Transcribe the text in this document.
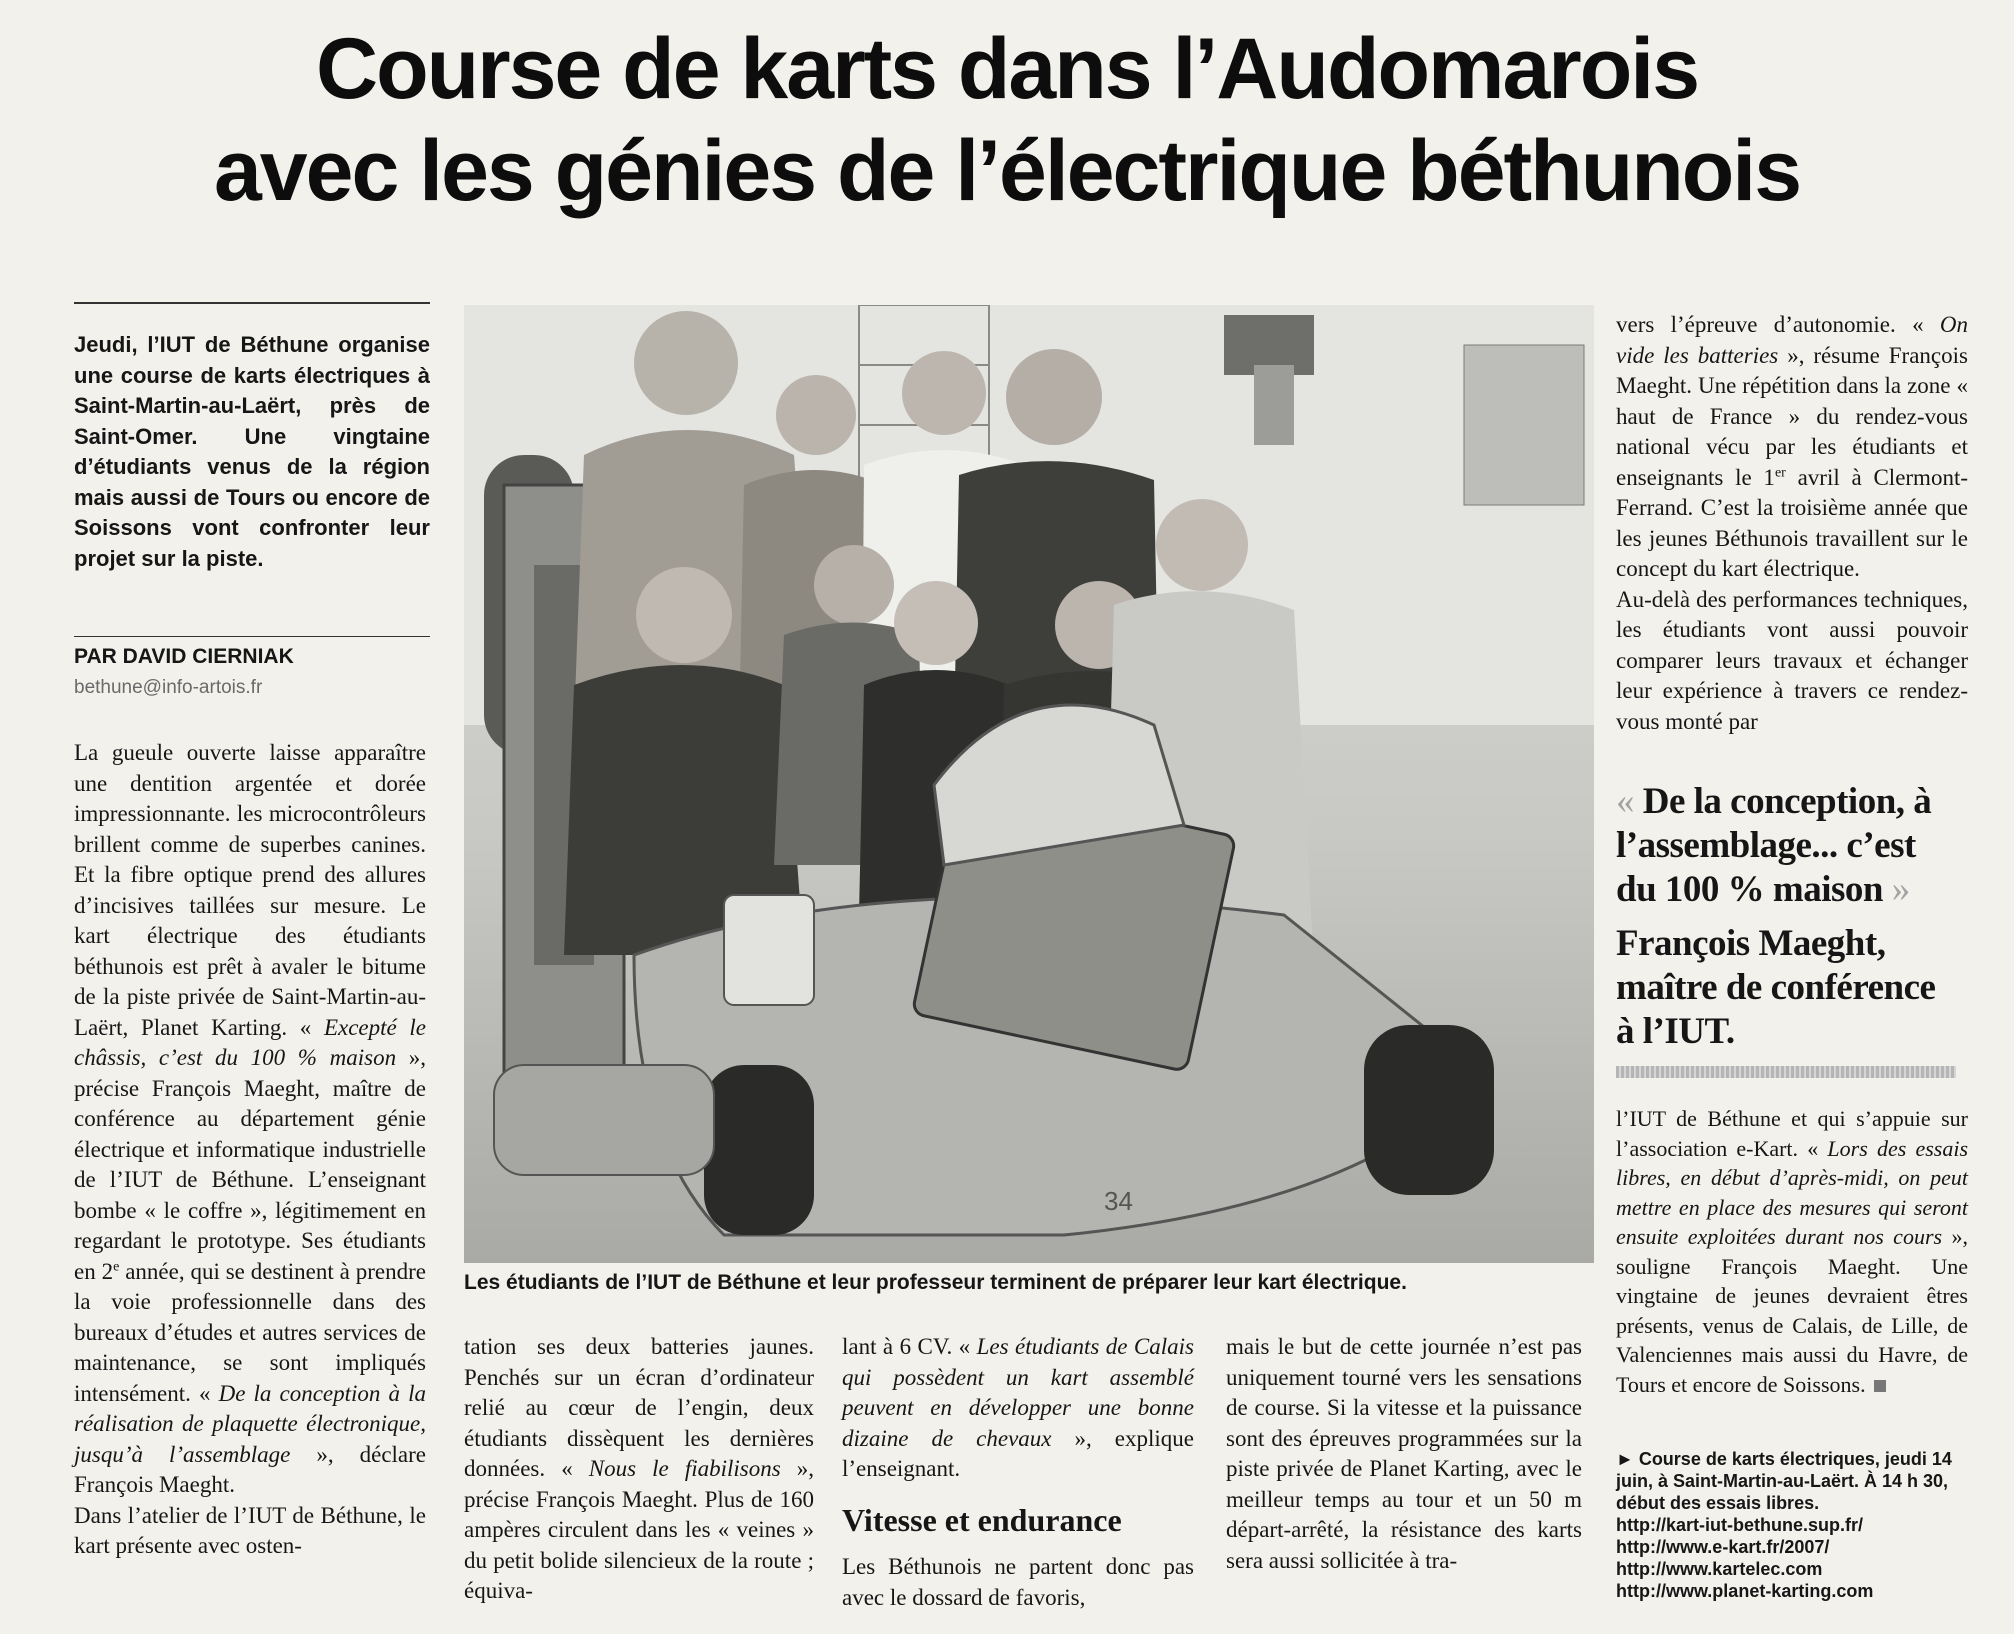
Course de karts dans l’Audomarois
avec les génies de l’électrique béthunois
Jeudi, l’IUT de Béthune organise une course de karts électriques à Saint-Martin-au-Laërt, près de Saint-Omer. Une vingtaine d’étudiants venus de la région mais aussi de Tours ou encore de Soissons vont confronter leur projet sur la piste.
PAR DAVID CIERNIAK
bethune@info-artois.fr

La gueule ouverte laisse apparaître une dentition argentée et dorée impressionnante. les microcontrôleurs brillent comme de superbes canines. Et la fibre optique prend des allures d’incisives taillées sur mesure. Le kart électrique des étudiants béthunois est prêt à avaler le bitume de la piste privée de Saint-Martin-au-Laërt, Planet Karting. « Excepté le châssis, c’est du 100 % maison », précise François Maeght, maître de conférence au département génie électrique et informatique industrielle de l’IUT de Béthune. L’enseignant bombe « le coffre », légitimement en regardant le prototype. Ses étudiants en 2e année, qui se destinent à prendre la voie professionnelle dans des bureaux d’études et autres services de maintenance, se sont impliqués intensément. « De la conception à la réalisation de plaquette électronique, jusqu’à l’assemblage », déclare François Maeght.

Dans l’atelier de l’IUT de Béthune, le kart présente avec osten-

34
Les étudiants de l’IUT de Béthune et leur professeur terminent de préparer leur kart électrique.

tation ses deux batteries jaunes. Penchés sur un écran d’ordinateur relié au cœur de l’engin, deux étudiants dissèquent les dernières données. « Nous le fiabilisons », précise François Maeght. Plus de 160 ampères circulent dans les « veines » du petit bolide silencieux de la route ; équiva-

lant à 6 CV. « Les étudiants de Calais qui possèdent un kart assemblé peuvent en développer une bonne dizaine de chevaux », explique l’enseignant.

Vitesse et endurance

Les Béthunois ne partent donc pas avec le dossard de favoris,

mais le but de cette journée n’est pas uniquement tourné vers les sensations de course. Si la vitesse et la puissance sont des épreuves programmées sur la piste privée de Planet Karting, avec le meilleur temps au tour et un 50 m départ-arrêté, la résistance des karts sera aussi sollicitée à tra-

vers l’épreuve d’autonomie. « On vide les batteries », résume François Maeght. Une répétition dans la zone « haut de France » du rendez-vous national vécu par les étudiants et enseignants le 1er avril à Clermont-Ferrand. C’est la troisième année que les jeunes Béthunois travaillent sur le concept du kart électrique.

Au-delà des performances techniques, les étudiants vont aussi pouvoir comparer leurs travaux et échanger leur expérience à travers ce rendez-vous monté par

« De la conception, à l’assemblage... c’est du 100 % maison »
François Maeght, maître de conférence à l’IUT.

l’IUT de Béthune et qui s’appuie sur l’association e-Kart. « Lors des essais libres, en début d’après-midi, on peut mettre en place des mesures qui seront ensuite exploitées durant nos cours », souligne François Maeght. Une vingtaine de jeunes devraient êtres présents, venus de Calais, de Lille, de Valenciennes mais aussi du Havre, de Tours et encore de Soissons.

► Course de karts électriques, jeudi 14 juin, à Saint-Martin-au-Laërt. À 14 h 30, début des essais libres.
http://kart-iut-bethune.sup.fr/
http://www.e-kart.fr/2007/
http://www.kartelec.com
http://www.planet-karting.com
